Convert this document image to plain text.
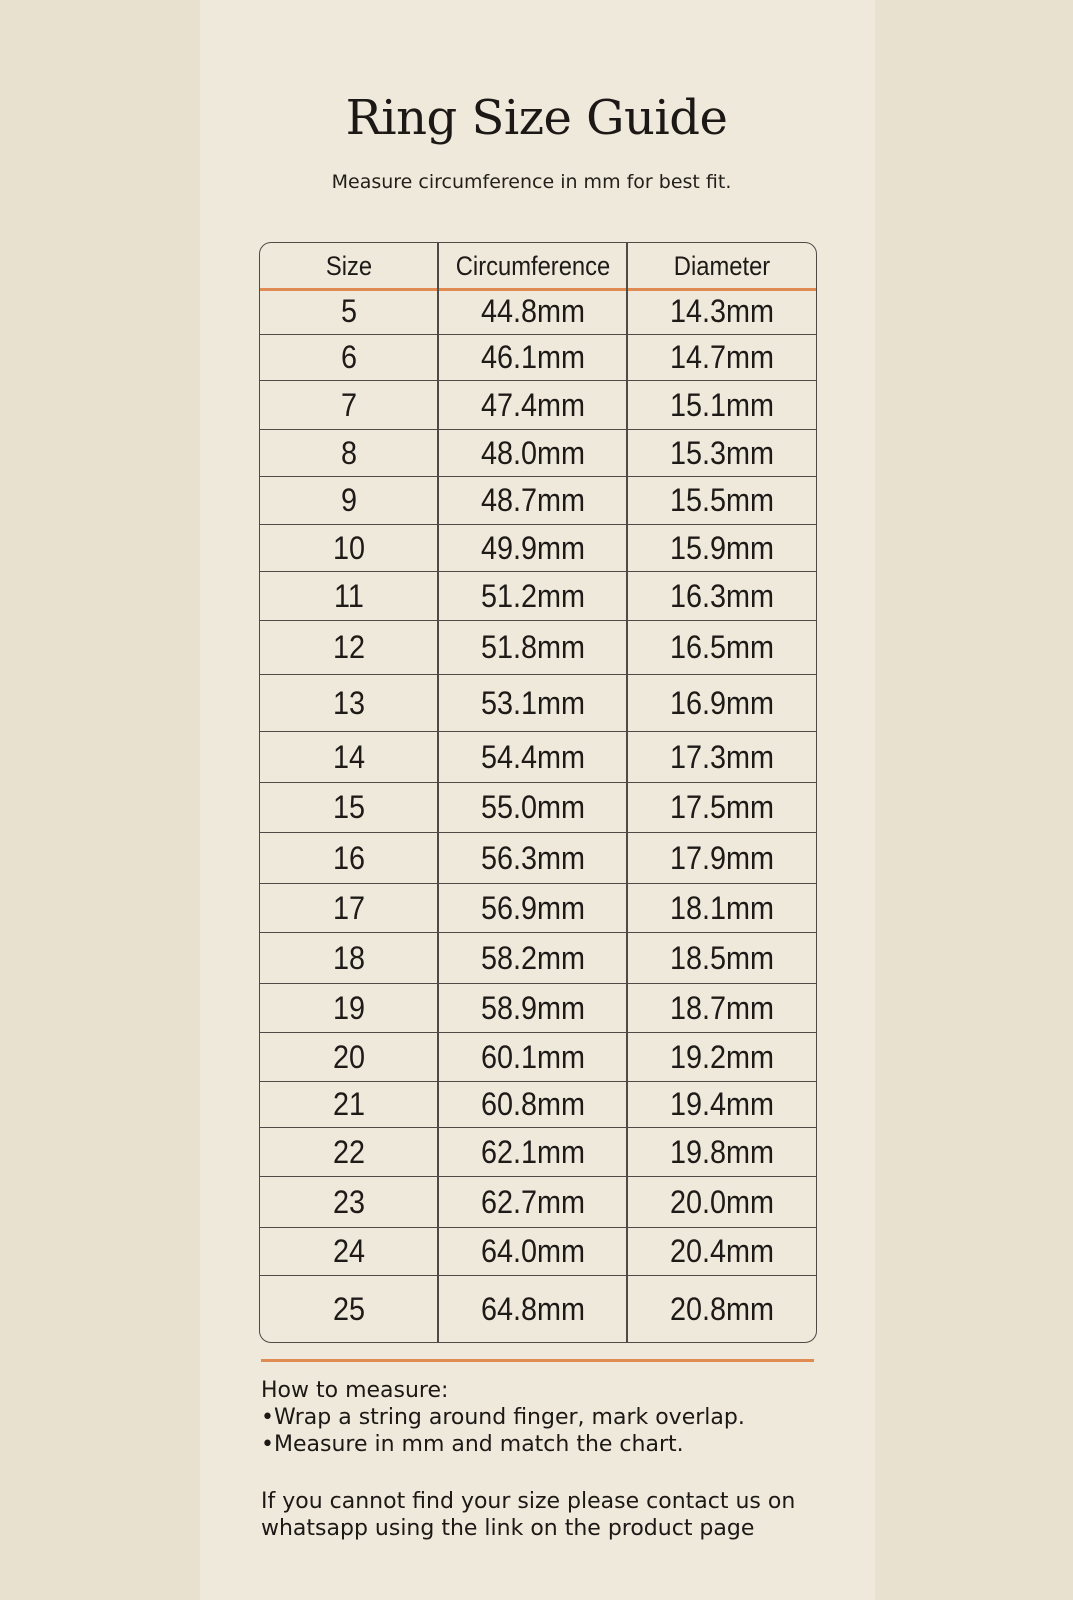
Ring Size Guide
Measure circumference in mm for best fit.
Size	Circumference	Diameter
5	44.8mm	14.3mm
6	46.1mm	14.7mm
7	47.4mm	15.1mm
8	48.0mm	15.3mm
9	48.7mm	15.5mm
10	49.9mm	15.9mm
11	51.2mm	16.3mm
12	51.8mm	16.5mm
13	53.1mm	16.9mm
14	54.4mm	17.3mm
15	55.0mm	17.5mm
16	56.3mm	17.9mm
17	56.9mm	18.1mm
18	58.2mm	18.5mm
19	58.9mm	18.7mm
20	60.1mm	19.2mm
21	60.8mm	19.4mm
22	62.1mm	19.8mm
23	62.7mm	20.0mm
24	64.0mm	20.4mm
25	64.8mm	20.8mm
How to measure:
• Wrap a string around finger, mark overlap.
• Measure in mm and match the chart.
If you cannot find your size please contact us on
whatsapp using the link on the product page
